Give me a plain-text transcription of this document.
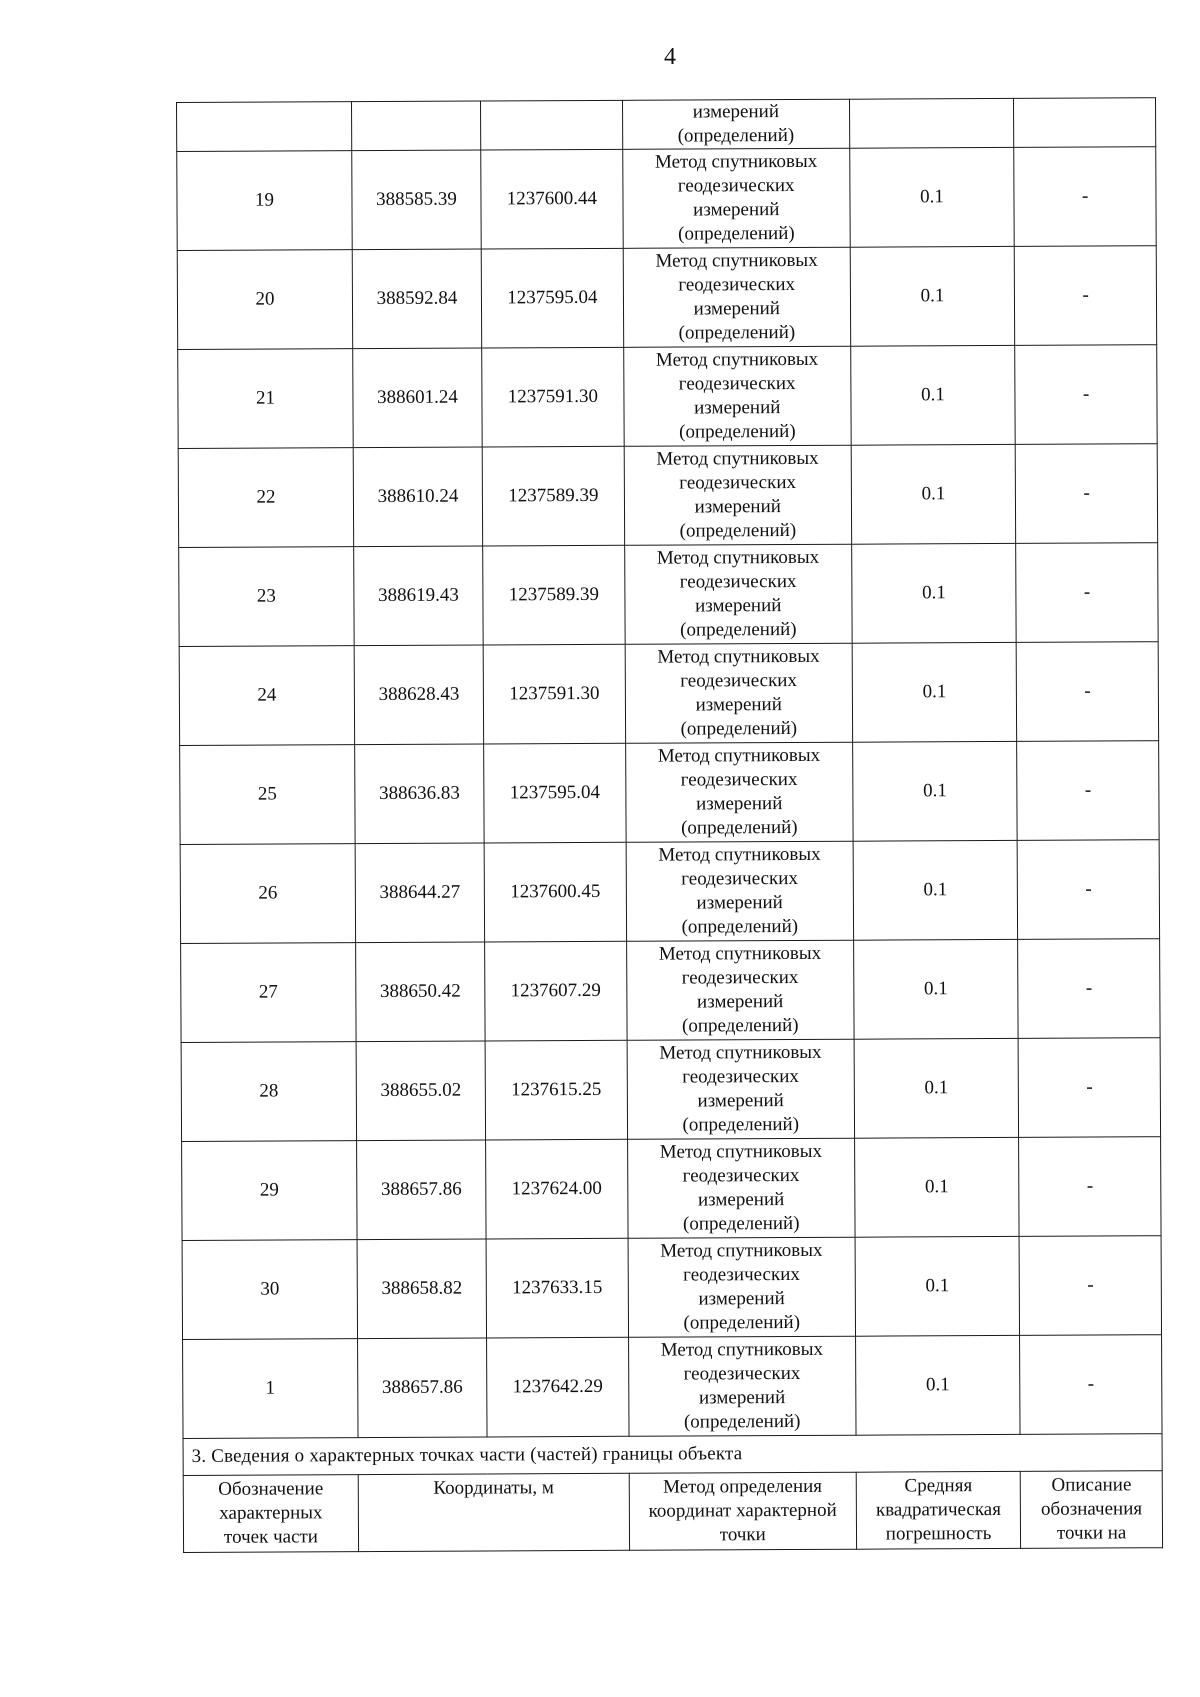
4

			измерений
(определений)		

19	388585.39	1237600.44	Метод спутниковых
геодезических
измерений
(определений)	0.1	-
20	388592.84	1237595.04	Метод спутниковых
геодезических
измерений
(определений)	0.1	-
21	388601.24	1237591.30	Метод спутниковых
геодезических
измерений
(определений)	0.1	-
22	388610.24	1237589.39	Метод спутниковых
геодезических
измерений
(определений)	0.1	-
23	388619.43	1237589.39	Метод спутниковых
геодезических
измерений
(определений)	0.1	-
24	388628.43	1237591.30	Метод спутниковых
геодезических
измерений
(определений)	0.1	-
25	388636.83	1237595.04	Метод спутниковых
геодезических
измерений
(определений)	0.1	-
26	388644.27	1237600.45	Метод спутниковых
геодезических
измерений
(определений)	0.1	-
27	388650.42	1237607.29	Метод спутниковых
геодезических
измерений
(определений)	0.1	-
28	388655.02	1237615.25	Метод спутниковых
геодезических
измерений
(определений)	0.1	-
29	388657.86	1237624.00	Метод спутниковых
геодезических
измерений
(определений)	0.1	-
30	388658.82	1237633.15	Метод спутниковых
геодезических
измерений
(определений)	0.1	-
1	388657.86	1237642.29	Метод спутниковых
геодезических
измерений
(определений)	0.1	-
3. Сведения о характерных точках части (частей) границы объекта					

Обозначение
характерных
точек части	Координаты, м		Метод определения
координат характерной
точки	Средняя
квадратическая
погрешность	Описание
обозначения
точки на
